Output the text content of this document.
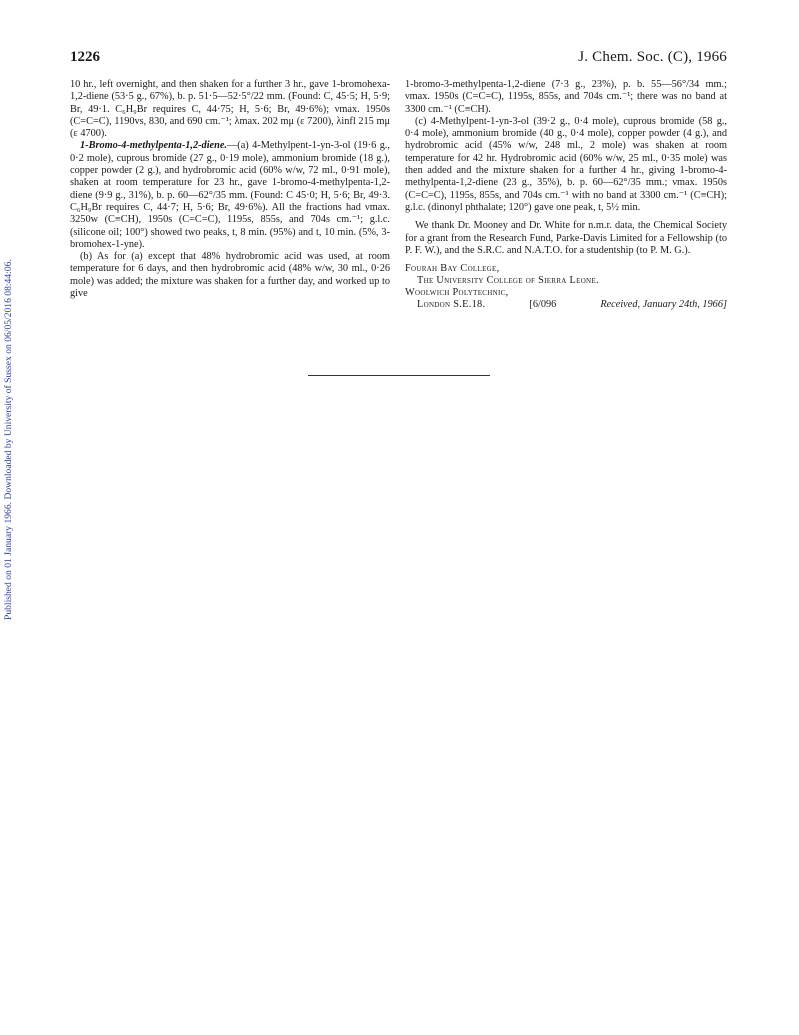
Published on 01 January 1966. Downloaded by University of Sussex on 06/05/2016 08:44:06.
1226	J. Chem. Soc. (C), 1966

10 hr., left overnight, and then shaken for a further 3 hr., gave 1-bromohexa-1,2-diene (53·5 g., 67%), b. p. 51·5—52·5°/22 mm. (Found: C, 45·5; H, 5·9; Br, 49·1. C₆H₉Br requires C, 44·75; H, 5·6; Br, 49·6%); νmax. 1950s (C=C=C), 1190vs, 830, and 690 cm.⁻¹; λmax. 202 mμ (ε 7200), λinfl 215 mμ (ε 4700).

1-Bromo-4-methylpenta-1,2-diene.—(a) 4-Methylpent-1-yn-3-ol (19·6 g., 0·2 mole), cuprous bromide (27 g., 0·19 mole), ammonium bromide (18 g.), copper powder (2 g.), and hydrobromic acid (60% w/w, 72 ml., 0·91 mole), shaken at room temperature for 23 hr., gave 1-bromo-4-methylpenta-1,2-diene (9·9 g., 31%), b. p. 60—62°/35 mm. (Found: C 45·0; H, 5·6; Br, 49·3. C₆H₉Br requires C, 44·7; H, 5·6; Br, 49·6%). All the fractions had νmax. 3250w (C≡CH), 1950s (C=C=C), 1195s, 855s, and 704s cm.⁻¹; g.l.c. (silicone oil; 100°) showed two peaks, t, 8 min. (95%) and t, 10 min. (5%, 3-bromohex-1-yne).

(b) As for (a) except that 48% hydrobromic acid was used, at room temperature for 6 days, and then hydrobromic acid (48% w/w, 30 ml., 0·26 mole) was added; the mixture was shaken for a further day, and worked up to give

1-bromo-3-methylpenta-1,2-diene (7·3 g., 23%), p. b. 55—56°/34 mm.; νmax. 1950s (C=C=C), 1195s, 855s, and 704s cm.⁻¹; there was no band at 3300 cm.⁻¹ (C≡CH).

(c) 4-Methylpent-1-yn-3-ol (39·2 g., 0·4 mole), cuprous bromide (58 g., 0·4 mole), ammonium bromide (40 g., 0·4 mole), copper powder (4 g.), and hydrobromic acid (45% w/w, 248 ml., 2 mole) was shaken at room temperature for 42 hr. Hydrobromic acid (60% w/w, 25 ml., 0·35 mole) was then added and the mixture shaken for a further 4 hr., giving 1-bromo-4-methylpenta-1,2-diene (23 g., 35%), b. p. 60—62°/35 mm.; νmax. 1950s (C=C=C), 1195s, 855s, and 704s cm.⁻¹ with no band at 3300 cm.⁻¹ (C≡CH); g.l.c. (dinonyl phthalate; 120°) gave one peak, t, 5½ min.

We thank Dr. Mooney and Dr. White for n.m.r. data, the Chemical Society for a grant from the Research Fund, Parke-Davis Limited for a Fellowship (to P. F. W.), and the S.R.C. and N.A.T.O. for a studentship (to P. M. G.).

Fourah Bay College,
The University College of Sierra Leone.
Woolwich Polytechnic,
London S.E.18.	[6/096	Received, January 24th, 1966]
